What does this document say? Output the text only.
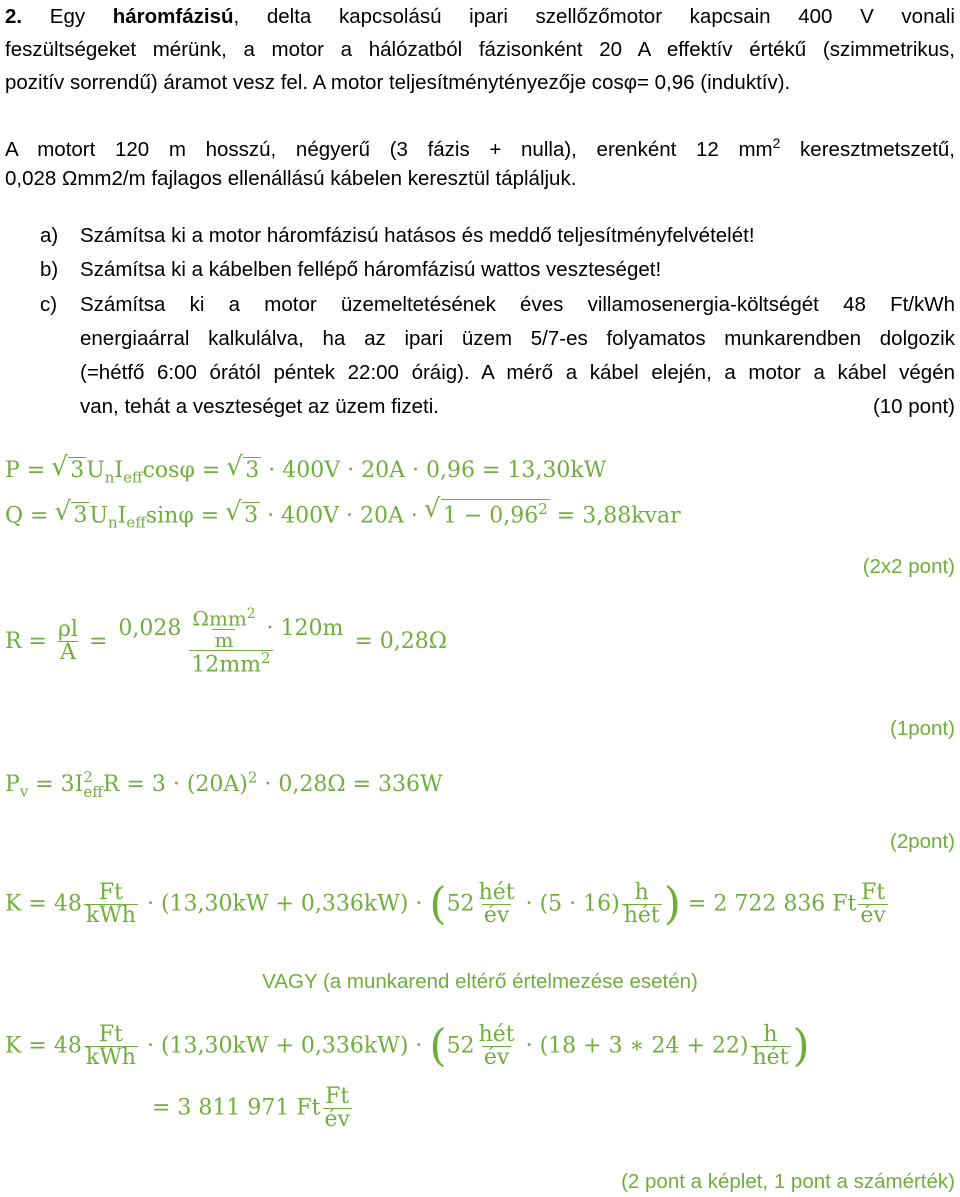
2. Egy háromfázisú, delta kapcsolású ipari szellőzőmotor kapcsain 400 V vonali
feszültségeket mérünk, a motor a hálózatból fázisonként 20 A effektív értékű (szimmetrikus,
pozitív sorrendű) áramot vesz fel. A motor teljesítménytényezője cosφ= 0,96 (induktív).
A motort 120 m hosszú, négyerű (3 fázis + nulla), erenként 12 $mm^2$ keresztmetszetű,
0,028 Ωmm2/m fajlagos ellenállású kábelen keresztül tápláljuk.
a) Számítsa ki a motor háromfázisú hatásos és meddő teljesítményfelvételét!
b) Számítsa ki a kábelben fellépő háromfázisú wattos veszteséget!
c) Számítsa ki a motor üzemeltetésének éves villamosenergia-költségét 48 Ft/kWh
energiaárral kalkulálva, ha az ipari üzem 5/7-es folyamatos munkarendben dolgozik
(=hétfő 6:00 órától péntek 22:00 óráig). A mérő a kábel elején, a motor a kábel végén
van, tehát a veszteséget az üzem fizeti.	(10 pont)
P = √ $3U_nI_{eff}\cos\varphi$ = √ 3 · 400V · 20A · 0,96 = 13,30kW
Q = √ $3U_nI_{eff}\sin\varphi$ = √ 3 · 400V · 20A · √ $1 - 0,96^2$ = 3,88kvar
(2x2 pont)
$R = \frac{\rho l}{A} = \frac{0,028 \frac{\Omega mm^2}{m} \cdot 120m}{12mm^2} = 0,28\Omega$
(1pont)
$P_v = 3I$ 2
eff $R = 3 \cdot (20A)^2 \cdot 0,28\Omega = 336W$
(2pont)
$K = 48 \frac{Ft}{\text{kWh}} \cdot (13,30kW + 0,336kW) \cdot (52 \frac{\text{hét}}{év} \cdot (5 \cdot 16) \frac{h}{\text{hét}}$ ) = 2 722 836 Ft $\frac{Ft}{év}$
VAGY (a munkarend eltérő értelmezése esetén)
$K = 48 \frac{Ft}{\text{kWh}} \cdot (13,30kW + 0,336kW) \cdot (52 \frac{\text{hét}}{év} \cdot (18 + 3$ ∗ $24 + 22) \frac{h}{\text{hét}}$ )
= 3 811 971 Ft $\frac{Ft}{év}$
(2 pont a képlet, 1 pont a számérték)
